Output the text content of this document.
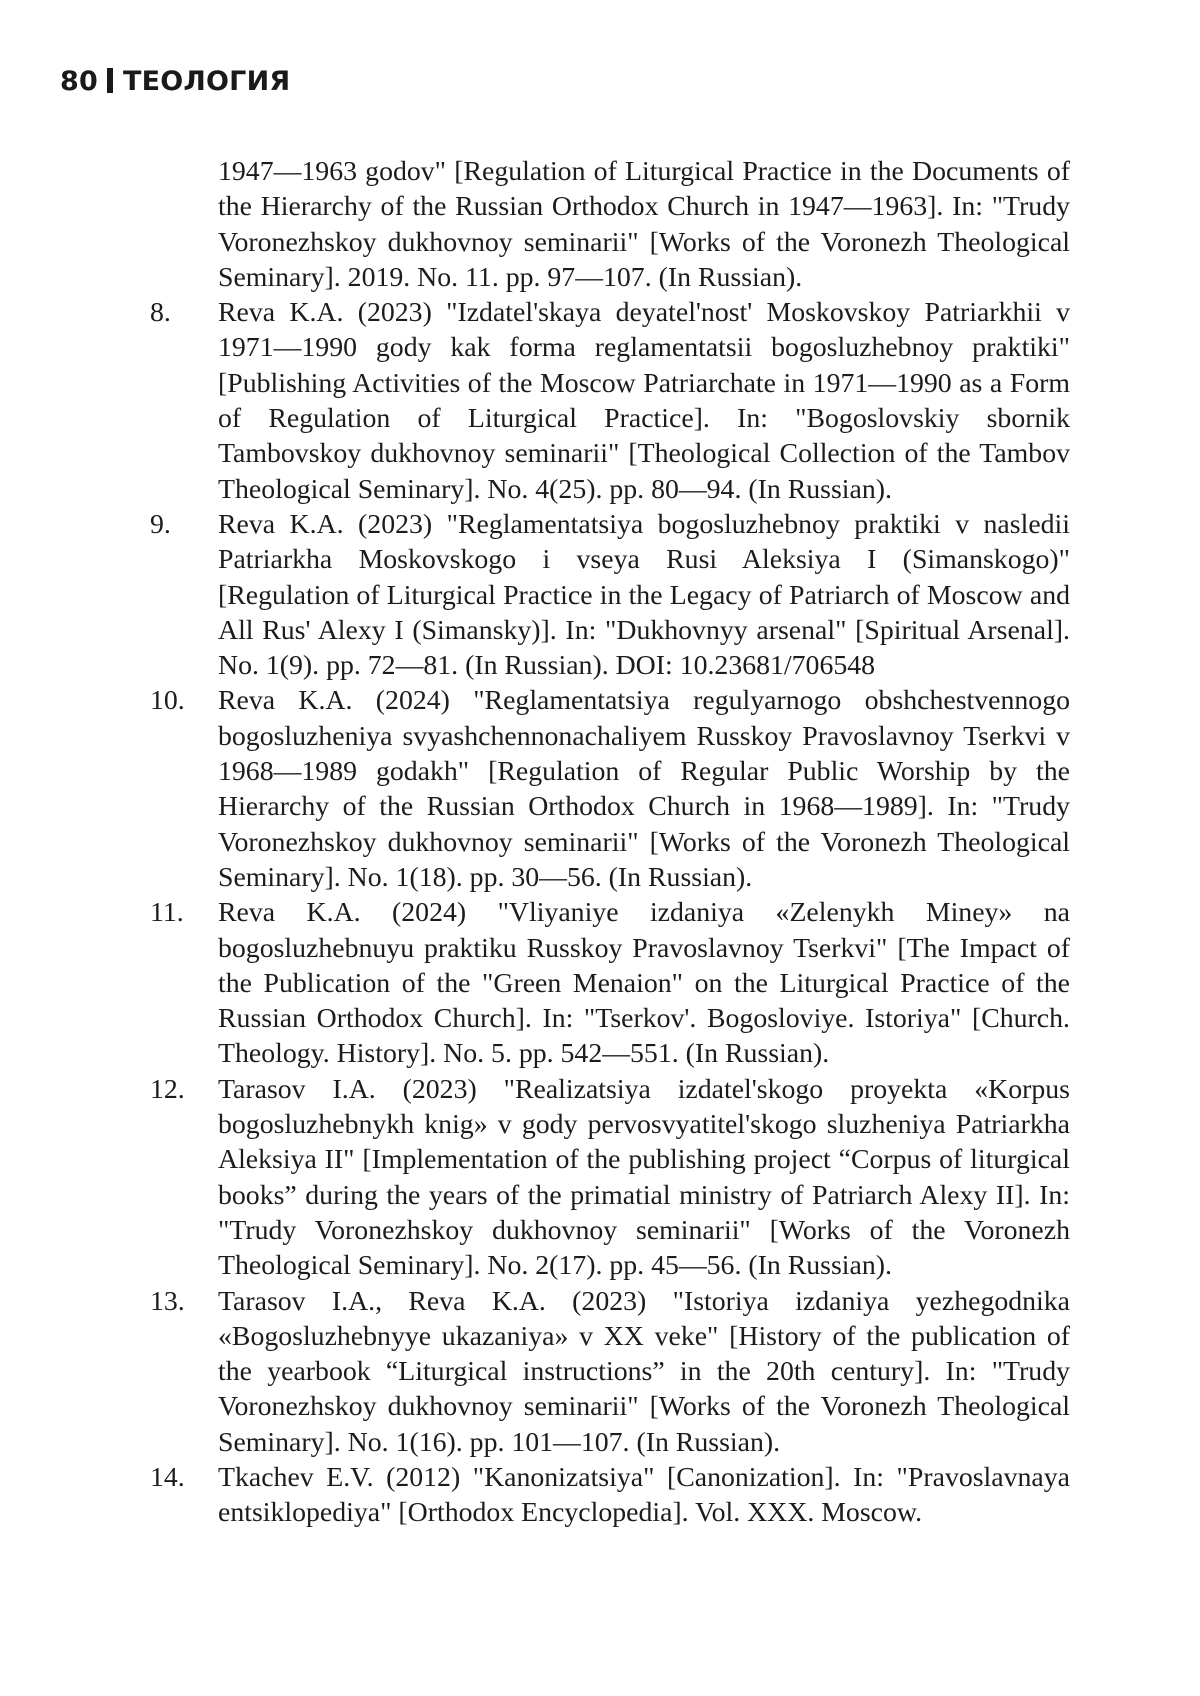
80 ТЕОЛОГИЯ
1947—1963 godov" [Regulation of Liturgical Practice in the Documents of the Hierarchy of the Russian Orthodox Church in 1947—1963]. In: "Trudy Voronezhskoy dukhovnoy seminarii" [Works of the Voronezh Theological Seminary]. 2019. No. 11. pp. 97—107. (In Russian).
8. Reva K.A. (2023) "Izdatel'skaya deyatel'nost' Moskovskoy Patriarkhii v 1971—1990 gody kak forma reglamentatsii bogosluzhebnoy praktiki" [Publishing Activities of the Moscow Patriarchate in 1971—1990 as a Form of Regulation of Liturgical Practice]. In: "Bogoslovskiy sbornik Tambovskoy dukhovnoy seminarii" [Theological Collection of the Tambov Theological Seminary]. No. 4(25). pp. 80—94. (In Russian).
9. Reva K.A. (2023) "Reglamentatsiya bogosluzhebnoy praktiki v nasledii Patriarkha Moskovskogo i vseya Rusi Aleksiya I (Simanskogo)" [Regulation of Liturgical Practice in the Legacy of Patriarch of Moscow and All Rus' Alexy I (Simansky)]. In: "Dukhovnyy arsenal" [Spiritual Arsenal]. No. 1(9). pp. 72—81. (In Russian). DOI: 10.23681/706548
10. Reva K.A. (2024) "Reglamentatsiya regulyarnogo obshchestvennogo bogosluzheniya svyashchennonachaliyem Russkoy Pravoslavnoy Tserkvi v 1968—1989 godakh" [Regulation of Regular Public Worship by the Hierarchy of the Russian Orthodox Church in 1968—1989]. In: "Trudy Voronezhskoy dukhovnoy seminarii" [Works of the Voronezh Theological Seminary]. No. 1(18). pp. 30—56. (In Russian).
11. Reva K.A. (2024) "Vliyaniye izdaniya «Zelenykh Miney» na bogosluzhebnuyu praktiku Russkoy Pravoslavnoy Tserkvi" [The Impact of the Publication of the "Green Menaion" on the Liturgical Practice of the Russian Orthodox Church]. In: "Tserkov'. Bogosloviye. Istoriya" [Church. Theology. History]. No. 5. pp. 542—551. (In Russian).
12. Tarasov I.A. (2023) "Realizatsiya izdatel'skogo proyekta «Korpus bogosluzhebnykh knig» v gody pervosvyatitel'skogo sluzheniya Patriarkha Aleksiya II" [Implementation of the publishing project “Corpus of liturgical books” during the years of the primatial ministry of Patriarch Alexy II]. In: "Trudy Voronezhskoy dukhovnoy seminarii" [Works of the Voronezh Theological Seminary]. No. 2(17). pp. 45—56. (In Russian).
13. Tarasov I.A., Reva K.A. (2023) "Istoriya izdaniya yezhegodnika «Bogosluzhebnyye ukazaniya» v XX veke" [History of the publication of the yearbook “Liturgical instructions” in the 20th century]. In: "Trudy Voronezhskoy dukhovnoy seminarii" [Works of the Voronezh Theological Seminary]. No. 1(16). pp. 101—107. (In Russian).
14. Tkachev E.V. (2012) "Kanonizatsiya" [Canonization]. In: "Pravoslavnaya entsiklopediya" [Orthodox Encyclopedia]. Vol. XXX. Moscow.
